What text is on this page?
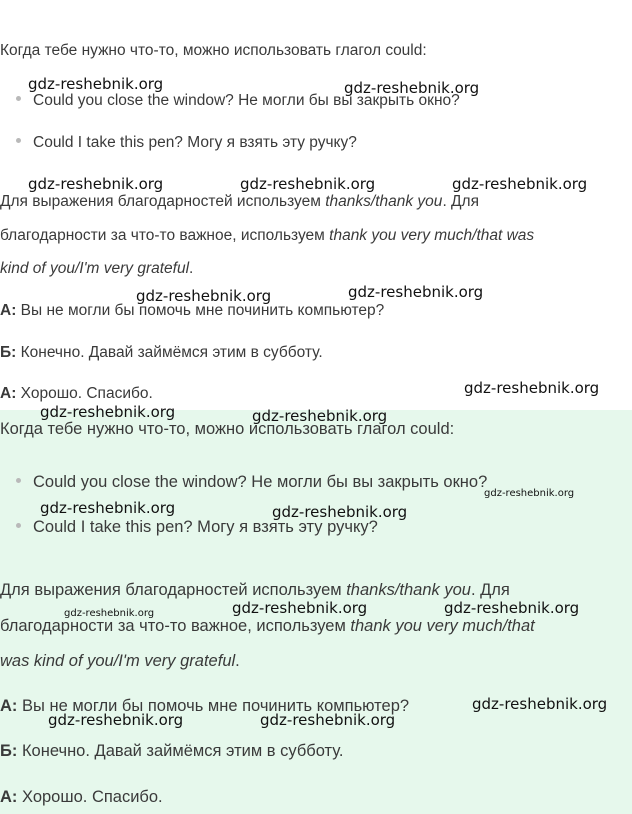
Когда тебе нужно что-то, можно использовать глагол could:
Could you close the window? Не могли бы вы закрыть окно?
Could I take this pen? Могу я взять эту ручку?
Для выражения благодарностей используем thanks/thank you. Для
благодарности за что-то важное, используем thank you very much/that was
kind of you/I'm very grateful.
А: Вы не могли бы помочь мне починить компьютер?
Б: Конечно. Давай займёмся этим в субботу.
А: Хорошо. Спасибо.
Когда тебе нужно что-то, можно использовать глагол could:
Could you close the window? Не могли бы вы закрыть окно?
Could I take this pen? Могу я взять эту ручку?
Для выражения благодарностей используем thanks/thank you. Для
благодарности за что-то важное, используем thank you very much/that
was kind of you/I'm very grateful.
А: Вы не могли бы помочь мне починить компьютер?
Б: Конечно. Давай займёмся этим в субботу.
А: Хорошо. Спасибо.
gdz-reshebnik.org	gdz-reshebnik.org
gdz-reshebnik.org	gdz-reshebnik.org	gdz-reshebnik.org
gdz-reshebnik.org	gdz-reshebnik.org
gdz-reshebnik.org
gdz-reshebnik.org	gdz-reshebnik.org
gdz-reshebnik.org
gdz-reshebnik.org	gdz-reshebnik.org
gdz-reshebnik.org	gdz-reshebnik.org
gdz-reshebnik.org
gdz-reshebnik.org
gdz-reshebnik.org	gdz-reshebnik.org
